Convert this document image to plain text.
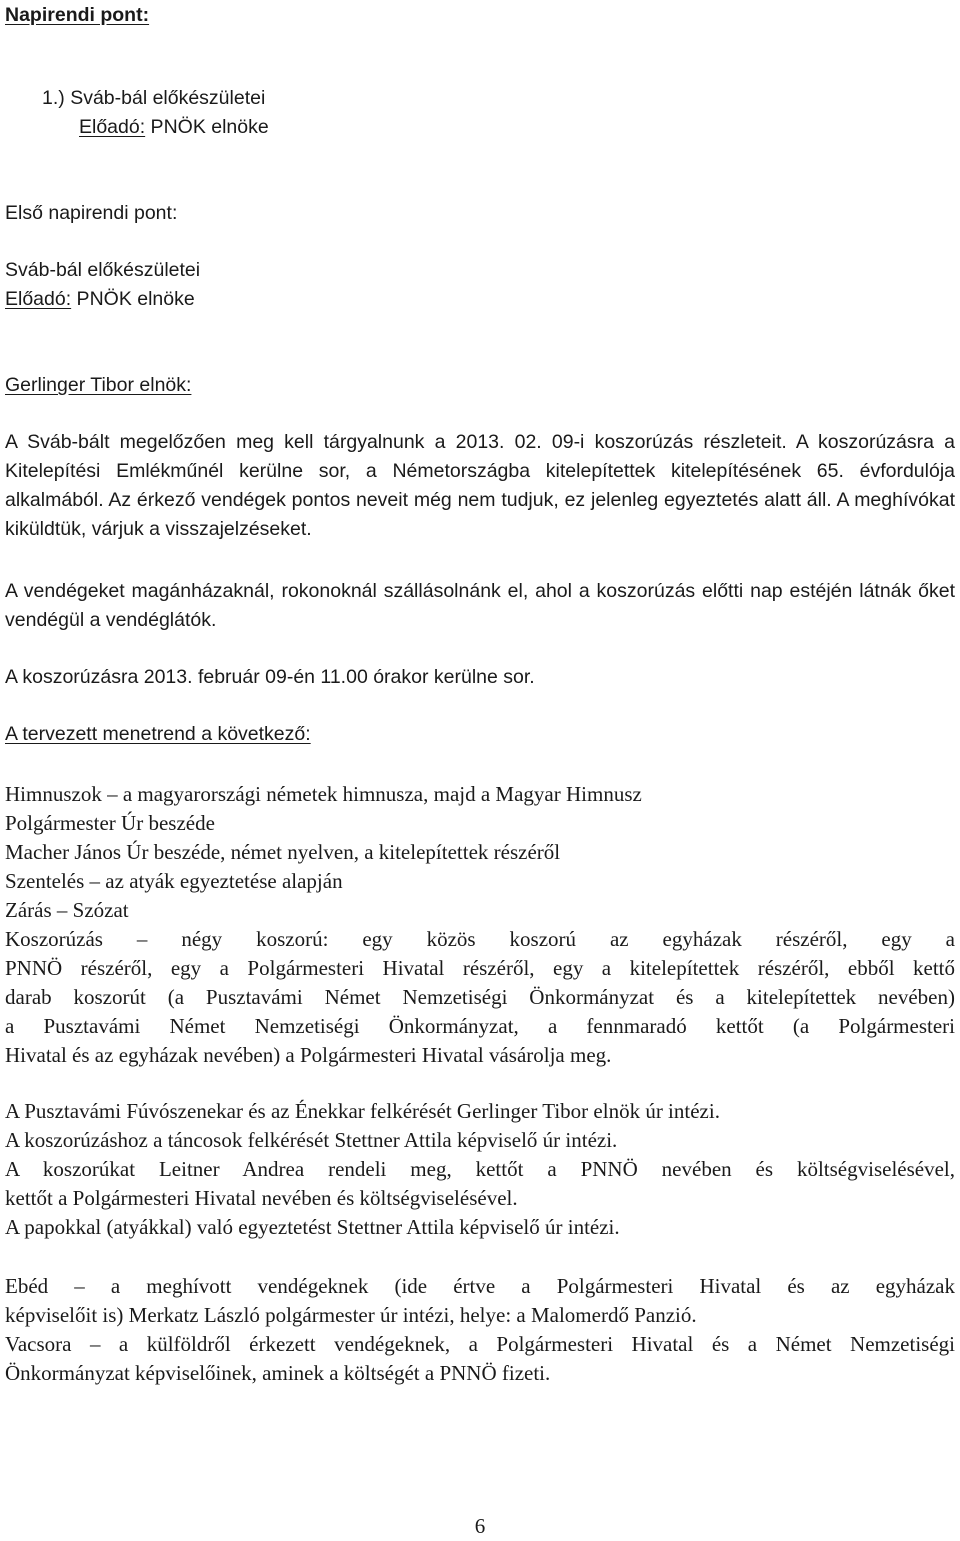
Napirendi pont:
1.) Sváb-bál előkészületei
Előadó: PNÖK elnöke
Első napirendi pont:
Sváb-bál előkészületei
Előadó: PNÖK elnöke
Gerlinger Tibor elnök:

A Sváb-bált megelőzően meg kell tárgyalnunk a 2013. 02. 09-i koszorúzás részleteit. A koszorúzásra a Kitelepítési Emlékműnél kerülne sor, a Németországba kitelepítettek kitelepítésének 65. évfordulója alkalmából. Az érkező vendégek pontos neveit még nem tudjuk, ez jelenleg egyeztetés alatt áll. A meghívókat kiküldtük, várjuk a visszajelzéseket.

A vendégeket magánházaknál, rokonoknál szállásolnánk el, ahol a koszorúzás előtti nap estéjén látnák őket vendégül a vendéglátók.

A koszorúzásra 2013. február 09-én 11.00 órakor kerülne sor.
A tervezett menetrend a következő:
Himnuszok – a magyarországi németek himnusza, majd a Magyar Himnusz
Polgármester Úr beszéde
Macher János Úr beszéde, német nyelven, a kitelepítettek részéről
Szentelés – az atyák egyeztetése alapján
Zárás – Szózat
Koszorúzás – négy koszorú: egy közös koszorú az egyházak részéről, egy a
PNNÖ részéről, egy a Polgármesteri Hivatal részéről, egy a kitelepítettek részéről, ebből kettő
darab koszorút (a Pusztavámi Német Nemzetiségi Önkormányzat és a kitelepítettek nevében)
a Pusztavámi Német Nemzetiségi Önkormányzat, a fennmaradó kettőt (a Polgármesteri
Hivatal és az egyházak nevében) a Polgármesteri Hivatal vásárolja meg.
A Pusztavámi Fúvószenekar és az Énekkar felkérését Gerlinger Tibor elnök úr intézi.
A koszorúzáshoz a táncosok felkérését Stettner Attila képviselő úr intézi.
A koszorúkat Leitner Andrea rendeli meg, kettőt a PNNÖ nevében és költségviselésével,
kettőt a Polgármesteri Hivatal nevében és költségviselésével.
A papokkal (atyákkal) való egyeztetést Stettner Attila képviselő úr intézi.
Ebéd – a meghívott vendégeknek (ide értve a Polgármesteri Hivatal és az egyházak
képviselőit is) Merkatz László polgármester úr intézi, helye: a Malomerdő Panzió.
Vacsora – a külföldről érkezett vendégeknek, a Polgármesteri Hivatal és a Német Nemzetiségi
Önkormányzat képviselőinek, aminek a költségét a PNNÖ fizeti.
6
